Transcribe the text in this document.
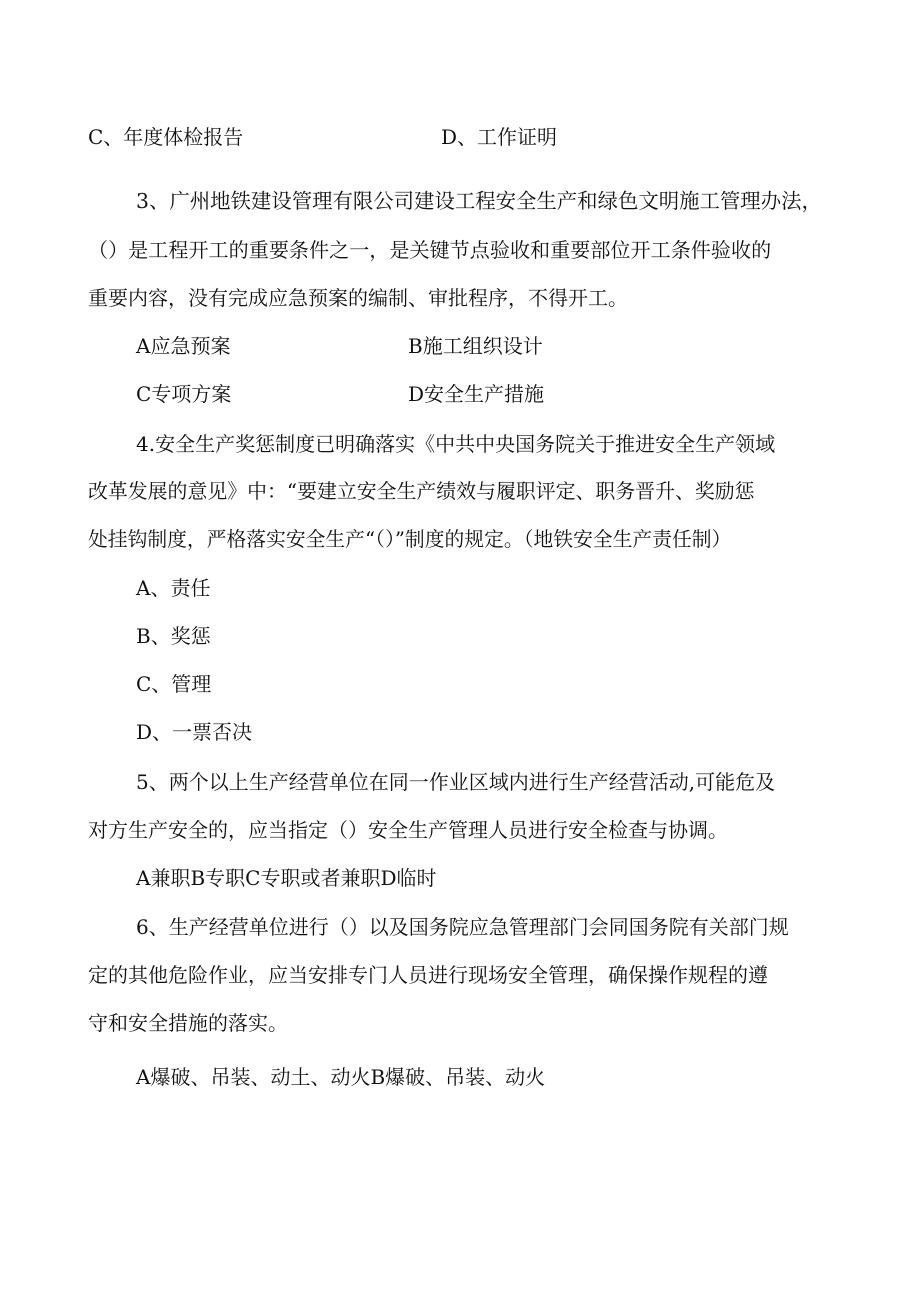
C、年度体检报告	D、工作证明
3、广州地铁建设管理有限公司建设工程安全生产和绿色文明施工管理办法，
（）是工程开工的重要条件之一，是关键节点验收和重要部位开工条件验收的
重要内容，没有完成应急预案的编制、审批程序，不得开工。
A应急预案	B施工组织设计
C专项方案	D安全生产措施
4.安全生产奖惩制度已明确落实《中共中央国务院关于推进安全生产领域
改革发展的意见》中：“要建立安全生产绩效与履职评定、职务晋升、奖励惩
处挂钩制度，严格落实安全生产“（）”制度的规定。（地铁安全生产责任制）
A、责任
B、奖惩
C、管理
D、一票否决
5、两个以上生产经营单位在同一作业区域内进行生产经营活动,可能危及
对方生产安全的，应当指定（）安全生产管理人员进行安全检查与协调。
A兼职B专职C专职或者兼职D临时
6、生产经营单位进行（）以及国务院应急管理部门会同国务院有关部门规
定的其他危险作业，应当安排专门人员进行现场安全管理，确保操作规程的遵
守和安全措施的落实。
A爆破、吊装、动土、动火B爆破、吊装、动火
